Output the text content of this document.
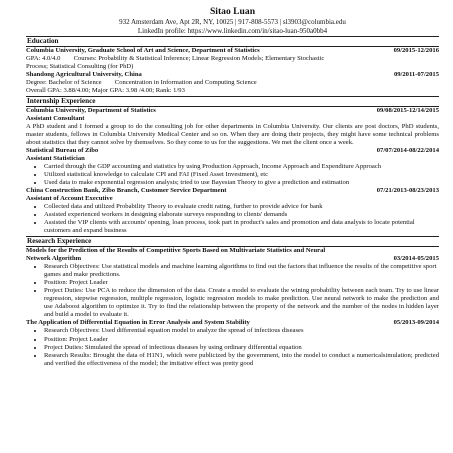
Sitao Luan
932 Amsterdam Ave, Apt 2R, NY, 10025 | 917-808-5573 | sl3903@columbia.edu
LinkedIn profile: https://www.linkedin.com/in/sitao-luan-950a0bb4
Education
Columbia University, Graduate School of Art and Science, Department of Statistics	09/2015-12/2016
GPA: 4.0/4.0        Courses: Probability & Statistical Inference; Linear Regression Models; Elementary Stochastic
Process; Statistical Consulting (for PhD)
Shandong Agricultural University, China	09/2011-07/2015
Degree: Bachelor of Science        Concentration in Information and Computing Science
Overall GPA: 3.88/4.00; Major GPA: 3.98 /4.00; Rank: 1/93
Internship Experience
Columbia University, Department of Statistics	09/08/2015-12/14/2015
Assistant Consultant
A PhD student and I formed a group to do the consulting job for other departments in Columbia University. Our clients are post doctors, PhD students, master students, fellows in Columbia University Medical Center and so on. When they are doing their projects, they might have some technical problems about statistics that they cannot solve by themselves. So they come to us for the suggestions. We met the client once a week.
Statistical Bureau of Zibo	07/07/2014-08/22/2014
Assistant Statistician
• Carried through the GDP accounting and statistics by using Production Approach, Income Approach and Expenditure Approach
• Utilized statistical knowledge to calculate CPI and FAI (Fixed Asset Investment), etc
• Used data to make exponential regression analysis; tried to use Bayesian Theory to give a prediction and estimation
China Construction Bank, Zibo Branch, Customer Service Department	07/21/2013-08/23/2013
Assistant of Account Executive
• Collected data and utilized Probability Theory to evaluate credit rating, further to provide advice for bank
• Assisted experienced workers in designing elaborate surveys responding to clients' demands
• Assisted the VIP clients with accounts' opening, loan process, took part in product's sales and promotion and data analysis to locate potential customers and expand business
Research Experience
Models for the Prediction of the Results of Competitive Sports Based on Multivariate Statistics and Neural
Network Algorithm	03/2014-05/2015
• Research Objectives: Use statistical models and machine learning algorithms to find out the factors that influence the results of the competitive sport games and make predictions.
• Position: Project Leader
• Project Duties: Use PCA to reduce the dimension of the data. Create a model to evaluate the wining probability between each team. Try to use linear regression, stepwise regression, multiple regression, logistic regression models to make prediction. Use neural network to make the prediction and use Adaboost algorithm to optimize it. Try to find the relationship between the property of the network and the number of the nodes in hidden layer and build a model to evaluate it.
The Application of Differential Equation in Error Analysis and System Stability	05/2013-09/2014
• Research Objectives: Used differential equation model to analyze the spread of infectious diseases
• Position: Project Leader
• Project Duties: Simulated the spread of infectious diseases by using ordinary differential equation
• Research Results: Brought the data of H1N1, which were publicized by the government, into the model to conduct a numericalsimulation; predicted and verified the effectiveness of the model; the imitative effect was pretty good
